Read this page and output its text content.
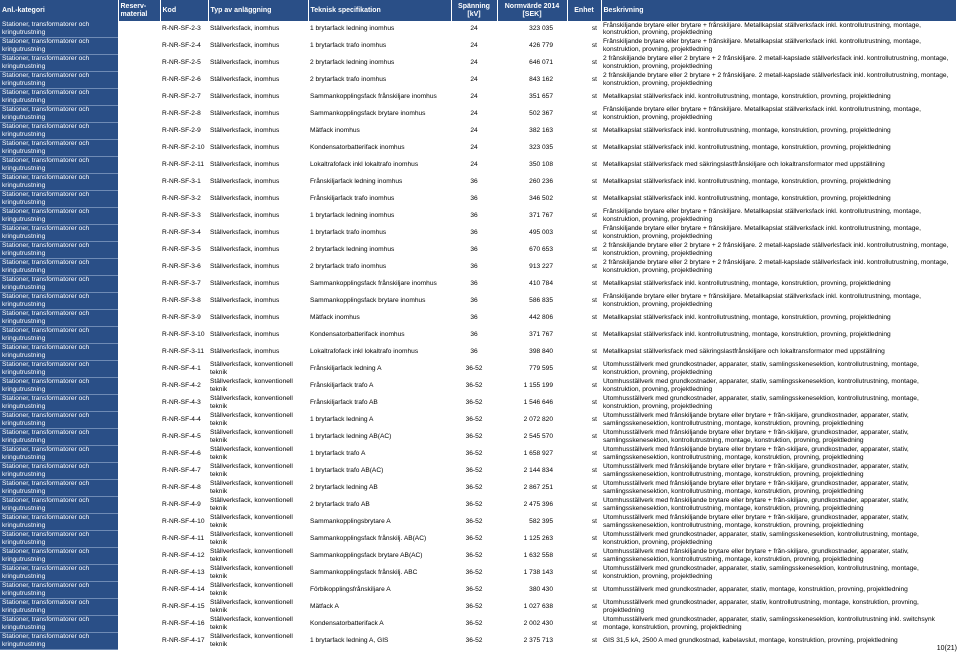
Anl.-kategori	Reserv-
material	Kod	Typ av anläggning	Teknisk specifikation	Spänning [kV]	Normvärde 2014
[SEK]	Enhet	Beskrivning
Stationer, transformatorer och
kringutrustning		R-NR-SF-2-3	Ställverksfack, inomhus	1 brytarfack ledning inomhus	24	323 035	st	Frånskiljande brytare eller brytare + frånskiljare. Metallkapslat ställverksfack inkl. kontrollutrustning, montage, konstruktion, provning, projektledning
Stationer, transformatorer och
kringutrustning		R-NR-SF-2-4	Ställverksfack, inomhus	1 brytarfack trafo inomhus	24	426 779	st	Frånskiljande brytare eller brytare + frånskiljare. Metallkapslat ställverksfack inkl. kontrollutrustning, montage, konstruktion, provning, projektledning
Stationer, transformatorer och
kringutrustning		R-NR-SF-2-5	Ställverksfack, inomhus	2 brytarfack ledning inomhus	24	646 071	st	2 frånskiljande brytare eller 2 brytare + 2 frånskiljare. 2 metall-kapslade ställverksfack inkl. kontrollutrustning, montage, konstruktion, provning, projektledning
Stationer, transformatorer och
kringutrustning		R-NR-SF-2-6	Ställverksfack, inomhus	2 brytarfack trafo inomhus	24	843 162	st	2 frånskiljande brytare eller 2 brytare + 2 frånskiljare. 2 metall-kapslade ställverksfack inkl. kontrollutrustning, montage, konstruktion, provning, projektledning
Stationer, transformatorer och
kringutrustning		R-NR-SF-2-7	Ställverksfack, inomhus	Sammankopplingsfack frånskiljare inomhus	24	351 657	st	Metallkapslat ställverksfack inkl. kontrollutrustning, montage, konstruktion, provning, projektledning
Stationer, transformatorer och
kringutrustning		R-NR-SF-2-8	Ställverksfack, inomhus	Sammankopplingsfack brytare inomhus	24	502 367	st	Frånskiljande brytare eller brytare + frånskiljare. Metallkapslat ställverksfack inkl. kontrollutrustning, montage, konstruktion, provning, projektledning
Stationer, transformatorer och
kringutrustning		R-NR-SF-2-9	Ställverksfack, inomhus	Mätfack inomhus	24	382 163	st	Metallkapslat ställverksfack inkl. kontrollutrustning, montage, konstruktion, provning, projektledning
Stationer, transformatorer och
kringutrustning		R-NR-SF-2-10	Ställverksfack, inomhus	Kondensatorbatterifack inomhus	24	323 035	st	Metallkapslat ställverksfack inkl. kontrollutrustning, montage, konstruktion, provning, projektledning
Stationer, transformatorer och
kringutrustning		R-NR-SF-2-11	Ställverksfack, inomhus	Lokaltrafofack inkl lokaltrafo inomhus	24	350 108	st	Metallkapslat ställverksfack med säkringslastfrånskiljare och lokaltransformator med uppställning
Stationer, transformatorer och
kringutrustning		R-NR-SF-3-1	Ställverksfack, inomhus	Frånskiljarfack ledning inomhus	36	260 236	st	Metallkapslat ställverksfack inkl. kontrollutrustning, montage, konstruktion, provning, projektledning
Stationer, transformatorer och
kringutrustning		R-NR-SF-3-2	Ställverksfack, inomhus	Frånskiljarfack trafo inomhus	36	346 502	st	Metallkapslat ställverksfack inkl. kontrollutrustning, montage, konstruktion, provning, projektledning
Stationer, transformatorer och
kringutrustning		R-NR-SF-3-3	Ställverksfack, inomhus	1 brytarfack ledning inomhus	36	371 767	st	Frånskiljande brytare eller brytare + frånskiljare. Metallkapslat ställverksfack inkl. kontrollutrustning, montage, konstruktion, provning, projektledning
Stationer, transformatorer och
kringutrustning		R-NR-SF-3-4	Ställverksfack, inomhus	1 brytarfack trafo inomhus	36	495 003	st	Frånskiljande brytare eller brytare + frånskiljare. Metallkapslat ställverksfack inkl. kontrollutrustning, montage, konstruktion, provning, projektledning
Stationer, transformatorer och
kringutrustning		R-NR-SF-3-5	Ställverksfack, inomhus	2 brytarfack ledning inomhus	36	670 653	st	2 frånskiljande brytare eller 2 brytare + 2 frånskiljare. 2 metall-kapslade ställverksfack inkl. kontrollutrustning, montage, konstruktion, provning, projektledning
Stationer, transformatorer och
kringutrustning		R-NR-SF-3-6	Ställverksfack, inomhus	2 brytarfack trafo inomhus	36	913 227	st	2 frånskiljande brytare eller 2 brytare + 2 frånskiljare. 2 metall-kapslade ställverksfack inkl. kontrollutrustning, montage, konstruktion, provning, projektledning
Stationer, transformatorer och
kringutrustning		R-NR-SF-3-7	Ställverksfack, inomhus	Sammankopplingsfack frånskiljare inomhus	36	410 784	st	Metallkapslat ställverksfack inkl. kontrollutrustning, montage, konstruktion, provning, projektledning
Stationer, transformatorer och
kringutrustning		R-NR-SF-3-8	Ställverksfack, inomhus	Sammankopplingsfack brytare inomhus	36	586 835	st	Frånskiljande brytare eller brytare + frånskiljare. Metallkapslat ställverksfack inkl. kontrollutrustning, montage, konstruktion, provning, projektledning
Stationer, transformatorer och
kringutrustning		R-NR-SF-3-9	Ställverksfack, inomhus	Mätfack inomhus	36	442 806	st	Metallkapslat ställverksfack inkl. kontrollutrustning, montage, konstruktion, provning, projektledning
Stationer, transformatorer och
kringutrustning		R-NR-SF-3-10	Ställverksfack, inomhus	Kondensatorbatterifack inomhus	36	371 767	st	Metallkapslat ställverksfack inkl. kontrollutrustning, montage, konstruktion, provning, projektledning
Stationer, transformatorer och
kringutrustning		R-NR-SF-3-11	Ställverksfack, inomhus	Lokaltrafofack inkl lokaltrafo inomhus	36	398 840	st	Metallkapslat ställverksfack med säkringslastfrånskiljare och lokaltransformator med uppställning
Stationer, transformatorer och
kringutrustning		R-NR-SF-4-1	Ställverksfack, konventionell teknik	Frånskiljarfack ledning A	36-52	779 595	st	Utomhusställverk med grundkostnader, apparater, stativ, samlingsskenesektion, kontrollutrustning, montage, konstruktion, provning, projektledning
Stationer, transformatorer och
kringutrustning		R-NR-SF-4-2	Ställverksfack, konventionell teknik	Frånskiljarfack trafo A	36-52	1 155 199	st	Utomhusställverk med grundkostnader, apparater, stativ, samlingsskenesektion, kontrollutrustning, montage, konstruktion, provning, projektledning
Stationer, transformatorer och
kringutrustning		R-NR-SF-4-3	Ställverksfack, konventionell teknik	Frånskiljarfack trafo AB	36-52	1 546 646	st	Utomhusställverk med grundkostnader, apparater, stativ, samlingsskenesektion, kontrollutrustning, montage, konstruktion, provning, projektledning
Stationer, transformatorer och
kringutrustning		R-NR-SF-4-4	Ställverksfack, konventionell teknik	1 brytarfack ledning A	36-52	2 072 820	st	Utomhusställverk med frånskiljande brytare eller brytare + från-skiljare, grundkostnader, apparater, stativ, samlingsskenesektion, kontrollutrustning, montage, konstruktion, provning, projektledning
Stationer, transformatorer och
kringutrustning		R-NR-SF-4-5	Ställverksfack, konventionell teknik	1 brytarfack ledning AB(AC)	36-52	2 545 570	st	Utomhusställverk med frånskiljande brytare eller brytare + från-skiljare, grundkostnader, apparater, stativ, samlingsskenesektion, kontrollutrustning, montage, konstruktion, provning, projektledning
Stationer, transformatorer och
kringutrustning		R-NR-SF-4-6	Ställverksfack, konventionell teknik	1 brytarfack trafo A	36-52	1 658 927	st	Utomhusställverk med frånskiljande brytare eller brytare + från-skiljare, grundkostnader, apparater, stativ, samlingsskenesektion, kontrollutrustning, montage, konstruktion, provning, projektledning
Stationer, transformatorer och
kringutrustning		R-NR-SF-4-7	Ställverksfack, konventionell teknik	1 brytarfack trafo AB(AC)	36-52	2 144 834	st	Utomhusställverk med frånskiljande brytare eller brytare + från-skiljare, grundkostnader, apparater, stativ, samlingsskenesektion, kontrollutrustning, montage, konstruktion, provning, projektledning
Stationer, transformatorer och
kringutrustning		R-NR-SF-4-8	Ställverksfack, konventionell teknik	2 brytarfack ledning AB	36-52	2 867 251	st	Utomhusställverk med frånskiljande brytare eller brytare + från-skiljare, grundkostnader, apparater, stativ, samlingsskenesektion, kontrollutrustning, montage, konstruktion, provning, projektledning
Stationer, transformatorer och
kringutrustning		R-NR-SF-4-9	Ställverksfack, konventionell teknik	2 brytarfack trafo AB	36-52	2 475 396	st	Utomhusställverk med frånskiljande brytare eller brytare + från-skiljare, grundkostnader, apparater, stativ, samlingsskenesektion, kontrollutrustning, montage, konstruktion, provning, projektledning
Stationer, transformatorer och
kringutrustning		R-NR-SF-4-10	Ställverksfack, konventionell teknik	Sammankopplingsbrytare A	36-52	582 395	st	Utomhusställverk med frånskiljande brytare eller brytare + från-skiljare, grundkostnader, apparater, stativ, samlingsskenesektion, kontrollutrustning, montage, konstruktion, provning, projektledning
Stationer, transformatorer och
kringutrustning		R-NR-SF-4-11	Ställverksfack, konventionell teknik	Sammankopplingsfack frånskilj. AB(AC)	36-52	1 125 263	st	Utomhusställverk med grundkostnader, apparater, stativ, samlingsskenesektion, kontrollutrustning, montage, konstruktion, provning, projektledning
Stationer, transformatorer och
kringutrustning		R-NR-SF-4-12	Ställverksfack, konventionell teknik	Sammankopplingsfack brytare AB(AC)	36-52	1 632 558	st	Utomhusställverk med frånskiljande brytare eller brytare + från-skiljare, grundkostnader, apparater, stativ, samlingsskenesektion, kontrollutrustning, montage, konstruktion, provning, projektledning
Stationer, transformatorer och
kringutrustning		R-NR-SF-4-13	Ställverksfack, konventionell teknik	Sammankopplingsfack frånskilj. ABC	36-52	1 738 143	st	Utomhusställverk med grundkostnader, apparater, stativ, samlingsskenesektion, kontrollutrustning, montage, konstruktion, provning, projektledning
Stationer, transformatorer och
kringutrustning		R-NR-SF-4-14	Ställverksfack, konventionell teknik	Förbikopplingsfrånskiljare A	36-52	380 430	st	Utomhusställverk med grundkostnader, apparater, stativ, montage, konstruktion, provning, projektledning
Stationer, transformatorer och
kringutrustning		R-NR-SF-4-15	Ställverksfack, konventionell teknik	Mätfack A	36-52	1 027 638	st	Utomhusställverk med grundkostnader, apparater, stativ, kontrollutrustning, montage, konstruktion, provning, projektledning
Stationer, transformatorer och
kringutrustning		R-NR-SF-4-16	Ställverksfack, konventionell teknik	Kondensatorbatterifack A	36-52	2 002 430	st	Utomhusställverk med grundkostnader, apparater, stativ, samlingsskenesektion, kontrollutrustning inkl. switchsynk montage, konstruktion, provning, projektledning
Stationer, transformatorer och
kringutrustning		R-NR-SF-4-17	Ställverksfack, konventionell teknik	1 brytarfack ledning A, GIS	36-52	2 375 713	st	GIS 31,5 kA, 2500 A med grundkostnad, kabelavslut, montage, konstruktion, provning, projektledning
10(21)
